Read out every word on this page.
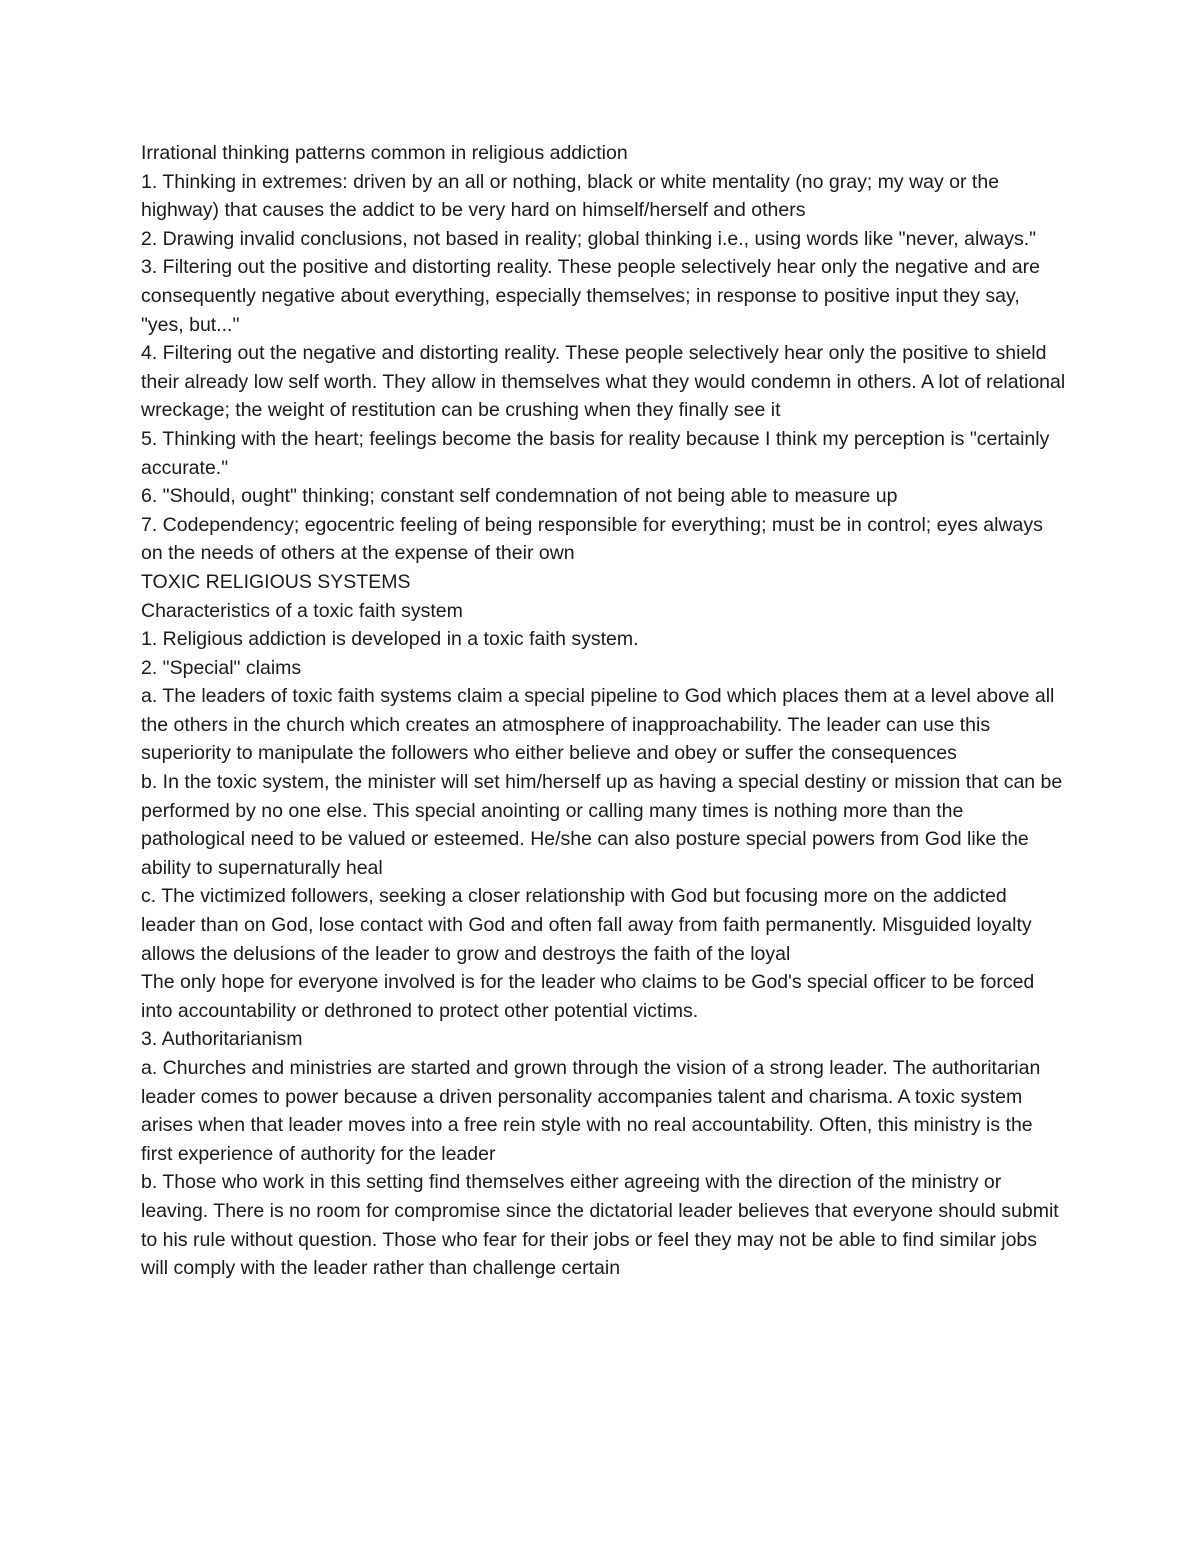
Irrational thinking patterns common in religious addiction

1. Thinking in extremes: driven by an all or nothing, black or white mentality (no gray; my way or the highway) that causes the addict to be very hard on himself/herself and others

2. Drawing invalid conclusions, not based in reality; global thinking i.e., using words like "never, always."

3. Filtering out the positive and distorting reality. These people selectively hear only the negative and are consequently negative about everything, especially themselves; in response to positive input they say, "yes, but..."

4. Filtering out the negative and distorting reality. These people selectively hear only the positive to shield their already low self worth. They allow in themselves what they would condemn in others. A lot of relational wreckage; the weight of restitution can be crushing when they finally see it

5. Thinking with the heart; feelings become the basis for reality because I think my perception is "certainly accurate."

6. "Should, ought" thinking; constant self condemnation of not being able to measure up

7. Codependency; egocentric feeling of being responsible for everything; must be in control; eyes always on the needs of others at the expense of their own

TOXIC RELIGIOUS SYSTEMS

Characteristics of a toxic faith system

1. Religious addiction is developed in a toxic faith system.

2. "Special" claims

a. The leaders of toxic faith systems claim a special pipeline to God which places them at a level above all the others in the church which creates an atmosphere of inapproachability. The leader can use this superiority to manipulate the followers who either believe and obey or suffer the consequences

b. In the toxic system, the minister will set him/herself up as having a special destiny or mission that can be performed by no one else. This special anointing or calling many times is nothing more than the pathological need to be valued or esteemed. He/she can also posture special powers from God like the ability to supernaturally heal

c. The victimized followers, seeking a closer relationship with God but focusing more on the addicted leader than on God, lose contact with God and often fall away from faith permanently. Misguided loyalty allows the delusions of the leader to grow and destroys the faith of the loyal

The only hope for everyone involved is for the leader who claims to be God's special officer to be forced into accountability or dethroned to protect other potential victims.

3. Authoritarianism

a. Churches and ministries are started and grown through the vision of a strong leader. The authoritarian leader comes to power because a driven personality accompanies talent and charisma. A toxic system arises when that leader moves into a free rein style with no real accountability. Often, this ministry is the first experience of authority for the leader

b. Those who work in this setting find themselves either agreeing with the direction of the ministry or leaving. There is no room for compromise since the dictatorial leader believes that everyone should submit to his rule without question. Those who fear for their jobs or feel they may not be able to find similar jobs will comply with the leader rather than challenge certain
